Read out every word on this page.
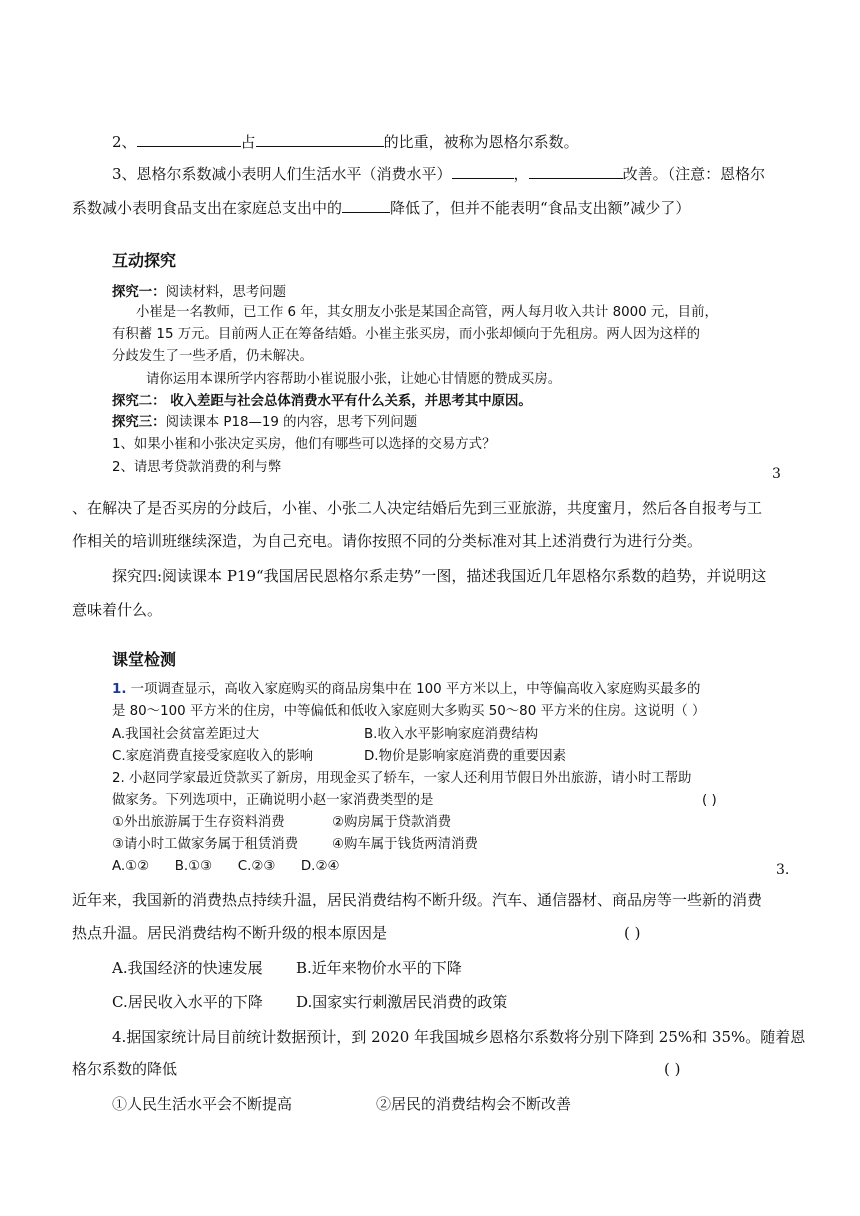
2、	占	的比重，被称为恩格尔系数。
3、恩格尔系数减小表明人们生活水平（消费水平）	，	改善。（注意：恩格尔
系数减小表明食品支出在家庭总支出中的	降低了，但并不能表明“食品支出额”减少了）
互动探究
探究一：阅读材料，思考问题
小崔是一名教师，已工作 6 年，其女朋友小张是某国企高管，两人每月收入共计 8000 元，目前，
有积蓄 15 万元。目前两人正在筹备结婚。小崔主张买房，而小张却倾向于先租房。两人因为这样的
分歧发生了一些矛盾，仍未解决。
请你运用本课所学内容帮助小崔说服小张，让她心甘情愿的赞成买房。
探究二： 收入差距与社会总体消费水平有什么关系，并思考其中原因。
探究三：阅读课本 P18—19 的内容，思考下列问题
1、如果小崔和小张决定买房，他们有哪些可以选择的交易方式？
2、请思考贷款消费的利与弊	3
、在解决了是否买房的分歧后，小崔、小张二人决定结婚后先到三亚旅游，共度蜜月，然后各自报考与工
作相关的培训班继续深造，为自己充电。请你按照不同的分类标准对其上述消费行为进行分类。
探究四:阅读课本 P19“我国居民恩格尔系走势”一图，描述我国近几年恩格尔系数的趋势，并说明这
意味着什么。
课堂检测
1. 一项调查显示，高收入家庭购买的商品房集中在 100 平方米以上，中等偏高收入家庭购买最多的
是 80～100 平方米的住房，中等偏低和低收入家庭则大多购买 50～80 平方米的住房。这说明（ ）
A.我国社会贫富差距过大	B.收入水平影响家庭消费结构
C.家庭消费直接受家庭收入的影响	D.物价是影响家庭消费的重要因素
2. 小赵同学家最近贷款买了新房，用现金买了轿车，一家人还利用节假日外出旅游，请小时工帮助
做家务。下列选项中，正确说明小赵一家消费类型的是	( )
①外出旅游属于生存资料消费	②购房属于贷款消费
③请小时工做家务属于租赁消费	④购车属于钱货两清消费
A.①②      B.①③      C.②③      D.②④	3.
近年来，我国新的消费热点持续升温，居民消费结构不断升级。汽车、通信器材、商品房等一些新的消费
热点升温。居民消费结构不断升级的根本原因是	( )
A.我国经济的快速发展 B.近年来物价水平的下降
C.居民收入水平的下降 D.国家实行刺激居民消费的政策
4.据国家统计局目前统计数据预计，到 2020 年我国城乡恩格尔系数将分别下降到 25%和 35%。随着恩
格尔系数的降低	( )
①人民生活水平会不断提高	②居民的消费结构会不断改善
